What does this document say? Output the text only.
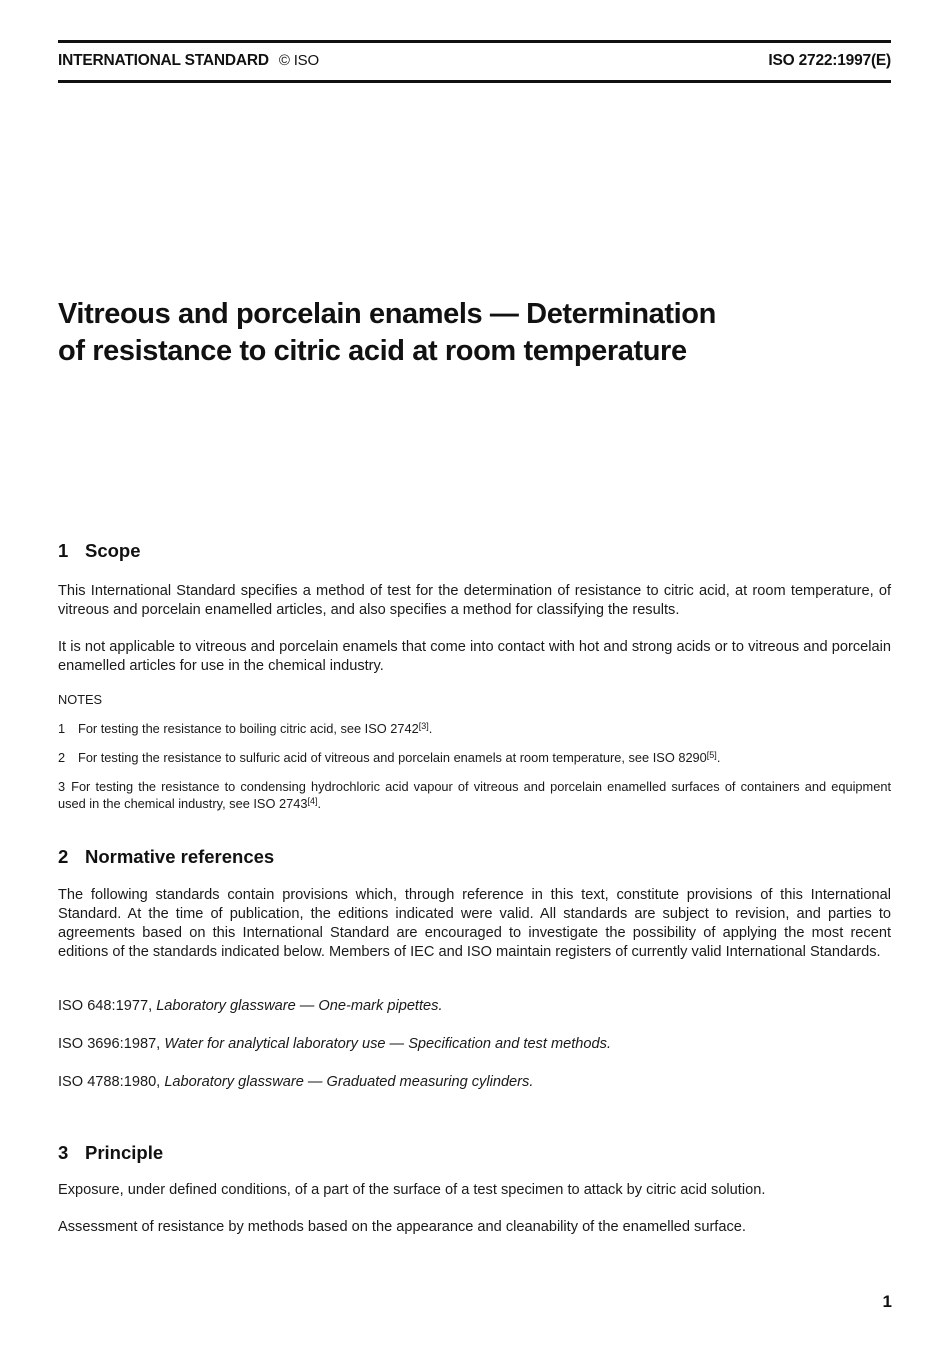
INTERNATIONAL STANDARD © ISO	ISO 2722:1997(E)
Vitreous and porcelain enamels — Determination
of resistance to citric acid at room temperature
1 Scope
This International Standard specifies a method of test for the determination of resistance to citric acid, at room temperature, of vitreous and porcelain enamelled articles, and also specifies a method for classifying the results.
It is not applicable to vitreous and porcelain enamels that come into contact with hot and strong acids or to vitreous and porcelain enamelled articles for use in the chemical industry.
NOTES
1 For testing the resistance to boiling citric acid, see ISO 2742[3].
2 For testing the resistance to sulfuric acid of vitreous and porcelain enamels at room temperature, see ISO 8290[5].
3 For testing the resistance to condensing hydrochloric acid vapour of vitreous and porcelain enamelled surfaces of containers and equipment used in the chemical industry, see ISO 2743[4].
2 Normative references
The following standards contain provisions which, through reference in this text, constitute provisions of this International Standard. At the time of publication, the editions indicated were valid. All standards are subject to revision, and parties to agreements based on this International Standard are encouraged to investigate the possibility of applying the most recent editions of the standards indicated below. Members of IEC and ISO maintain registers of currently valid International Standards.
ISO 648:1977, Laboratory glassware — One-mark pipettes.
ISO 3696:1987, Water for analytical laboratory use — Specification and test methods.
ISO 4788:1980, Laboratory glassware — Graduated measuring cylinders.
3 Principle
Exposure, under defined conditions, of a part of the surface of a test specimen to attack by citric acid solution.
Assessment of resistance by methods based on the appearance and cleanability of the enamelled surface.
1
